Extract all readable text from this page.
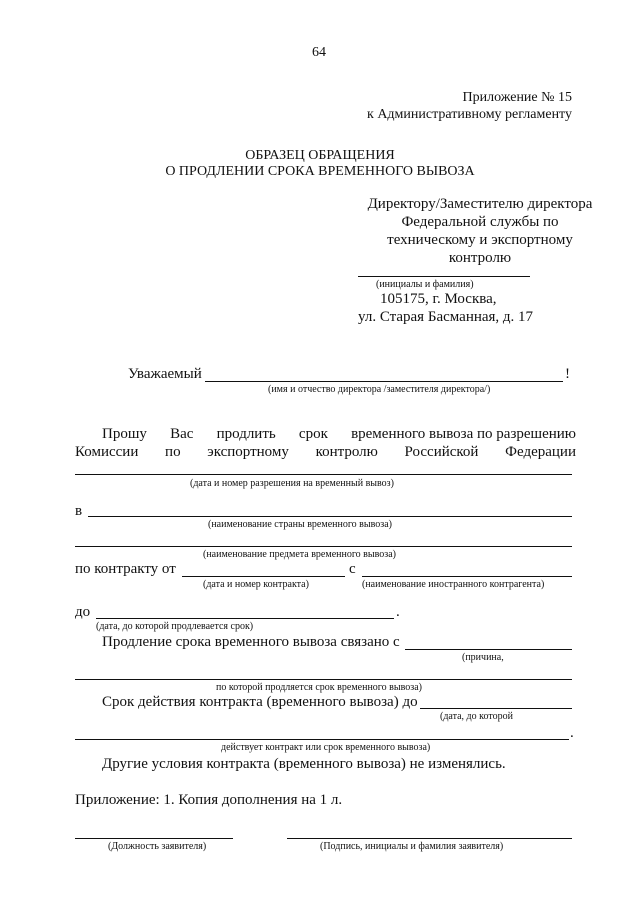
64
Приложение № 15
к Административному регламенту
ОБРАЗЕЦ ОБРАЩЕНИЯ
О ПРОДЛЕНИИ СРОКА ВРЕМЕННОГО ВЫВОЗА
Директору/Заместителю директора
Федеральной службы по
техническому и экспортному
контролю
(инициалы и фамилия)
105175, г. Москва,
ул. Старая Басманная, д. 17
Уважаемый	!
(имя и отчество директора /заместителя директора/)
Прошу Вас продлить срок временного вывоза по разрешению
Комиссии по экспортному контролю Российской Федерации
(дата и номер разрешения на временный вывоз)
в
(наименование страны временного вывоза)
(наименование предмета временного вывоза)
по контракту от	с
(дата и номер контракта)	(наименование иностранного контрагента)
до	.
(дата, до которой продлевается срок)
Продление срока временного вывоза связано с
(причина,
по которой продляется срок временного вывоза)
Срок действия контракта (временного вывоза) до
(дата, до которой
.
действует контракт или срок временного вывоза)
Другие условия контракта (временного вывоза) не изменялись.
Приложение: 1. Копия дополнения на 1 л.
(Должность заявителя)	(Подпись, инициалы и фамилия заявителя)
